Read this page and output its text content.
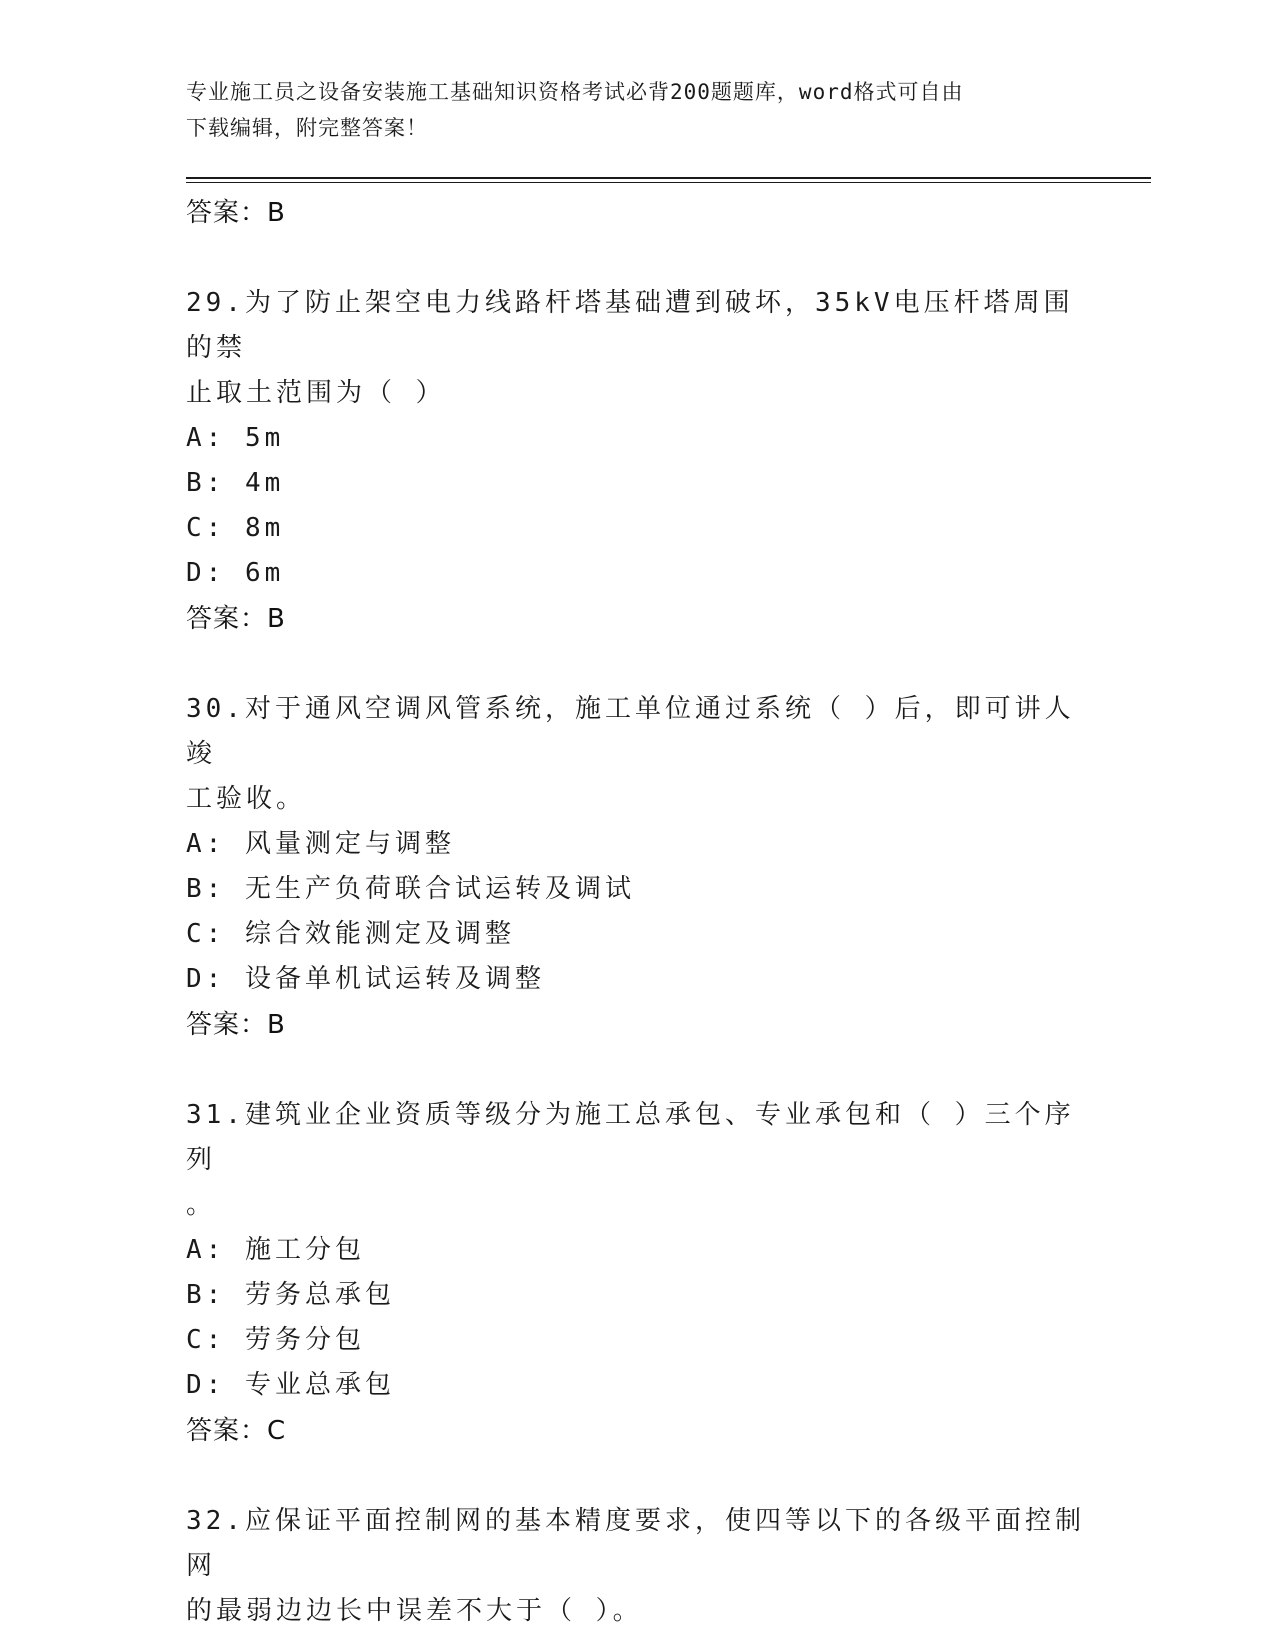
专业施工员之设备安装施工基础知识资格考试必背200题题库，word格式可自由
下载编辑，附完整答案！
答案：B
29.为了防止架空电力线路杆塔基础遭到破坏，35kV电压杆塔周围的禁
止取土范围为（ ）
A: 5m
B: 4m
C: 8m
D: 6m
答案：B
30.对于通风空调风管系统，施工单位通过系统（ ）后，即可讲人竣
工验收。
A: 风量测定与调整
B: 无生产负荷联合试运转及调试
C: 综合效能测定及调整
D: 设备单机试运转及调整
答案：B
31.建筑业企业资质等级分为施工总承包、专业承包和（ ）三个序列
。
A: 施工分包
B: 劳务总承包
C: 劳务分包
D: 专业总承包
答案：C
32.应保证平面控制网的基本精度要求，使四等以下的各级平面控制网
的最弱边边长中误差不大于（ ）。
